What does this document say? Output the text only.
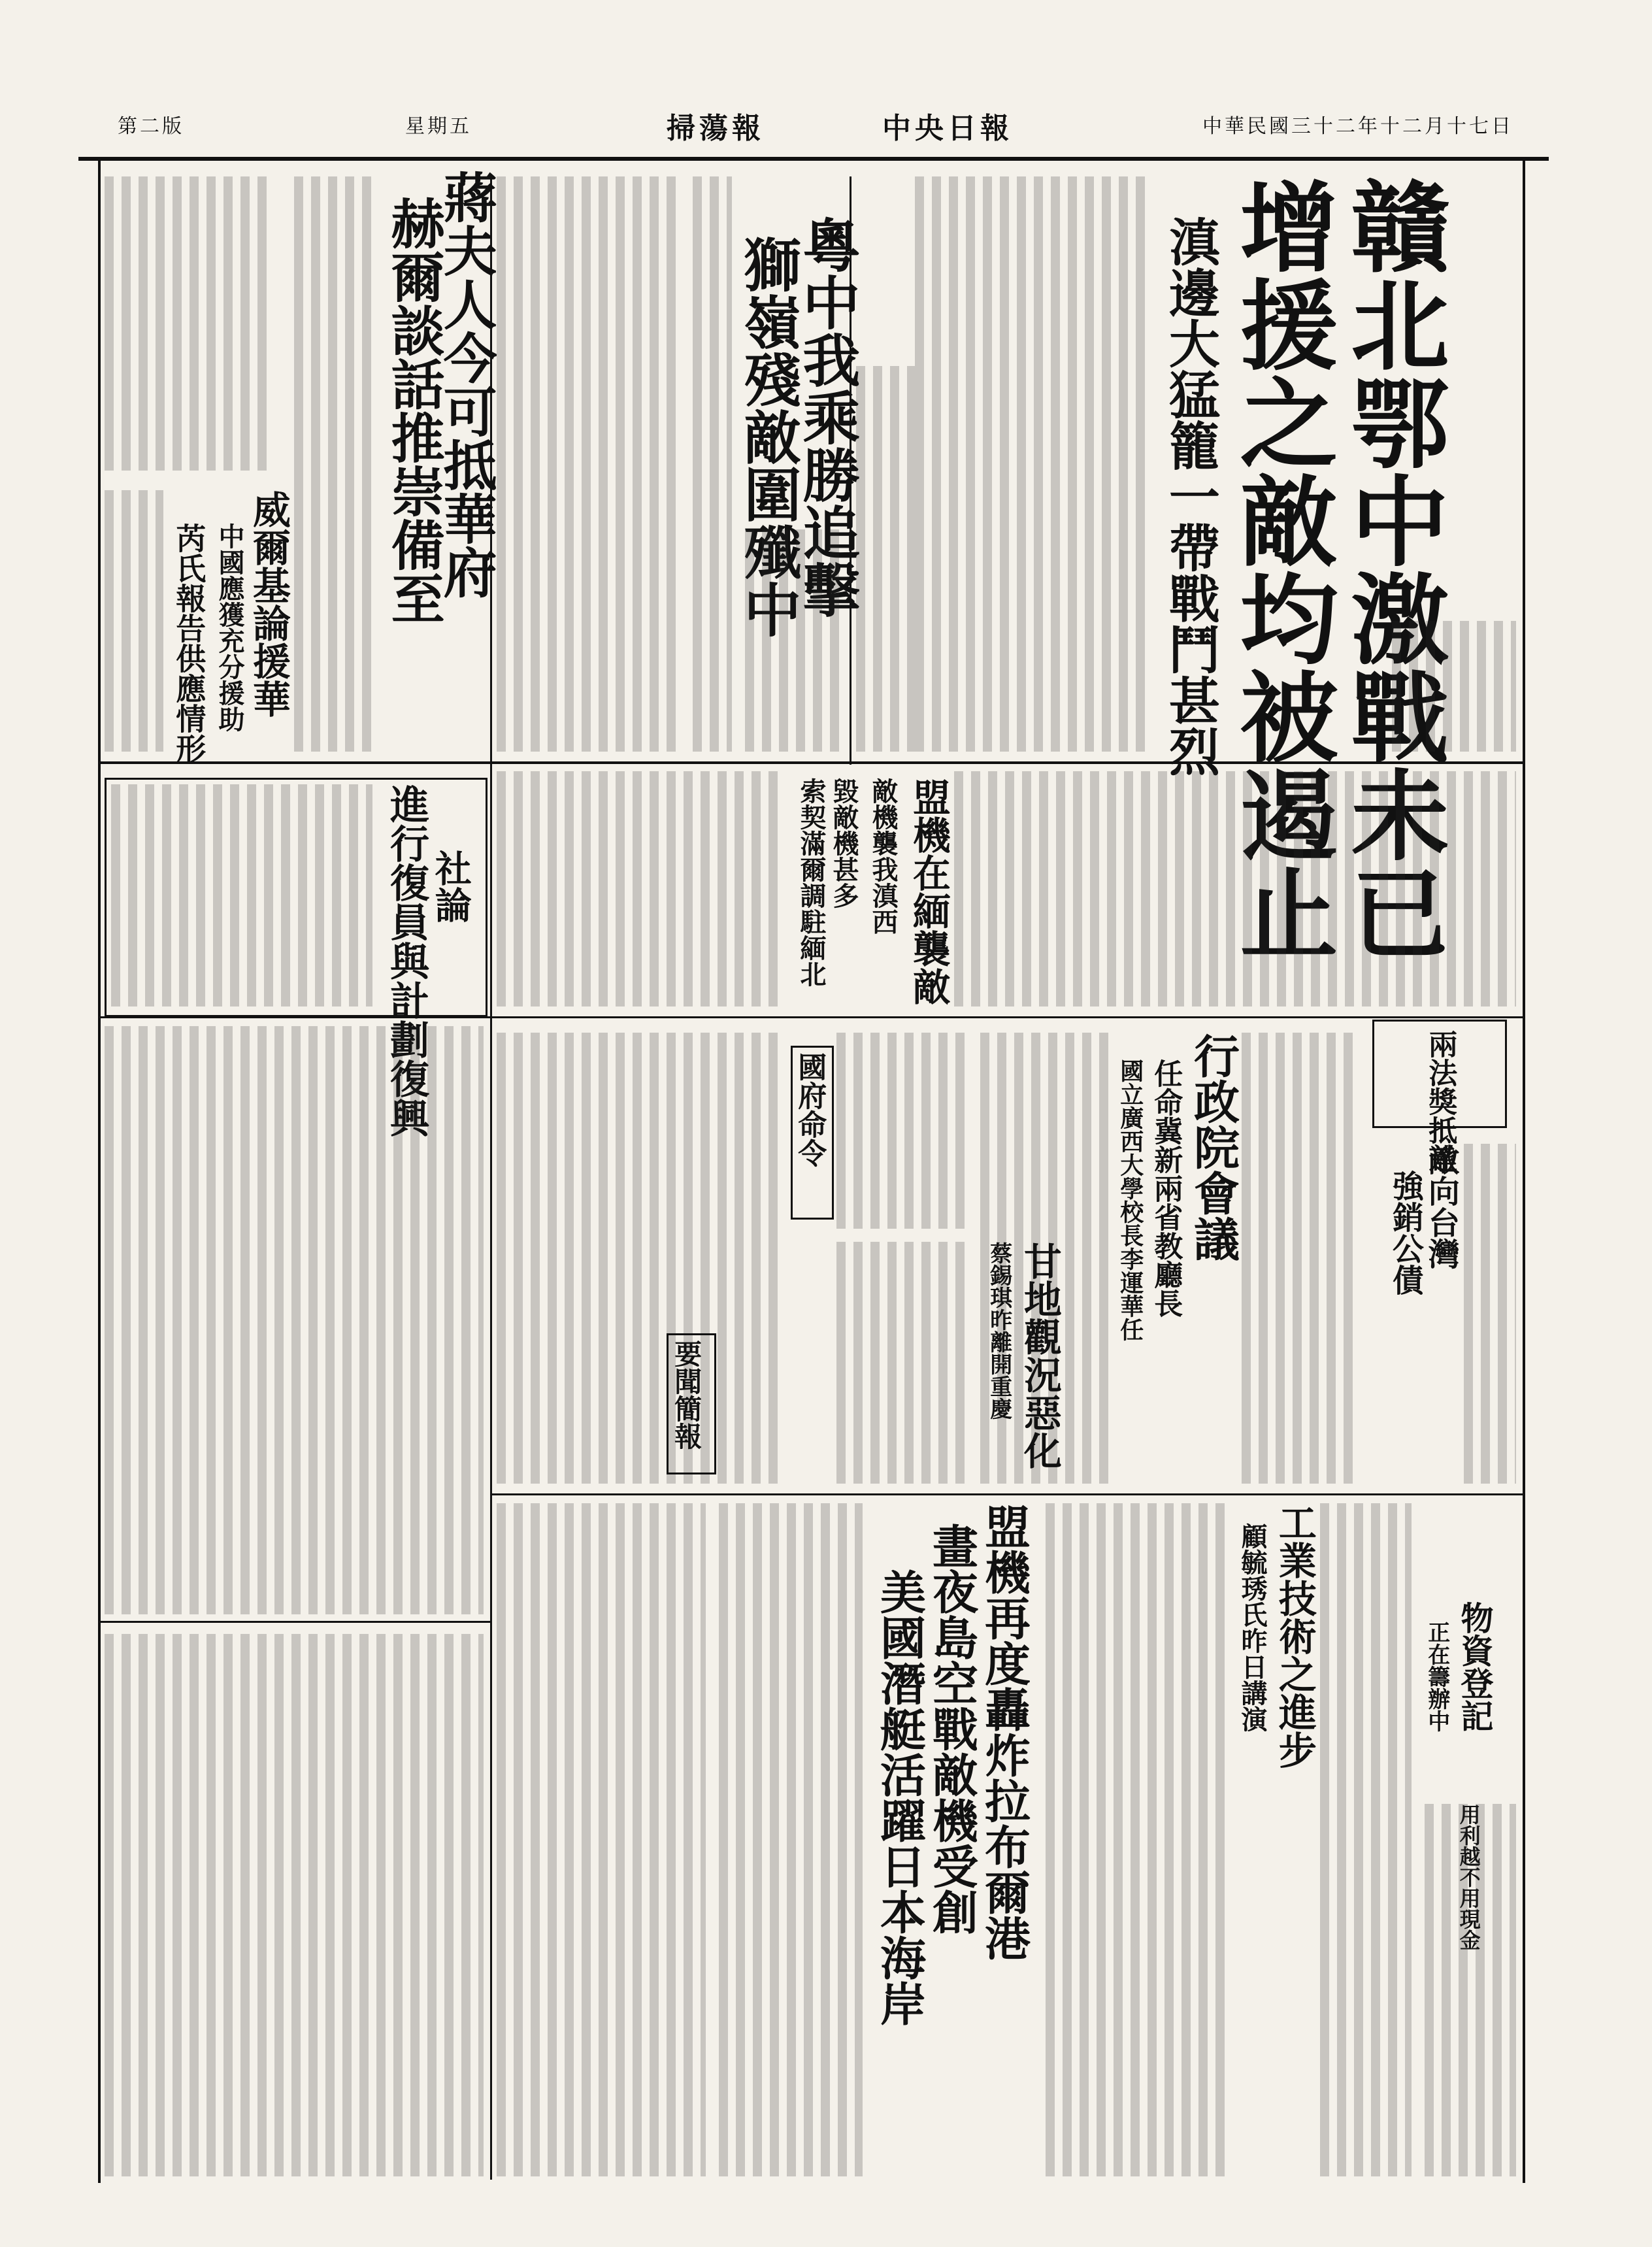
中華民國三十二年十二月十七日
中央日報
掃蕩報
星期五
第二版
贛北鄂中激戰未已
增援之敵均被遏止
滇邊大猛籠一帶戰鬥甚烈
粵中我乘勝追擊
獅嶺殘敵圍殲中
蔣夫人今可抵華府
赫爾談話推崇備至
威爾基論援華
中國應獲充分援助
芮氏報告供應情形
盟機在緬襲敵
敵機襲我滇西
毀敵機甚多
索契滿爾調駐緬北
社論
進行復員與計劃復興
行政院會議
任命冀新兩省教廳長
國立廣西大學校長李運華任	兩法獎抵達
敵向台灣
強銷公債
國府命令
甘地觀況惡化
蔡錫琪昨離開重慶
要聞簡報
盟機再度轟炸拉布爾港
畫夜島空戰敵機受創
美國潛艇活躍日本海岸	工業技術之進步
顧毓琇氏昨日講演	物資登記
正在籌辦中
用利越不用現金
